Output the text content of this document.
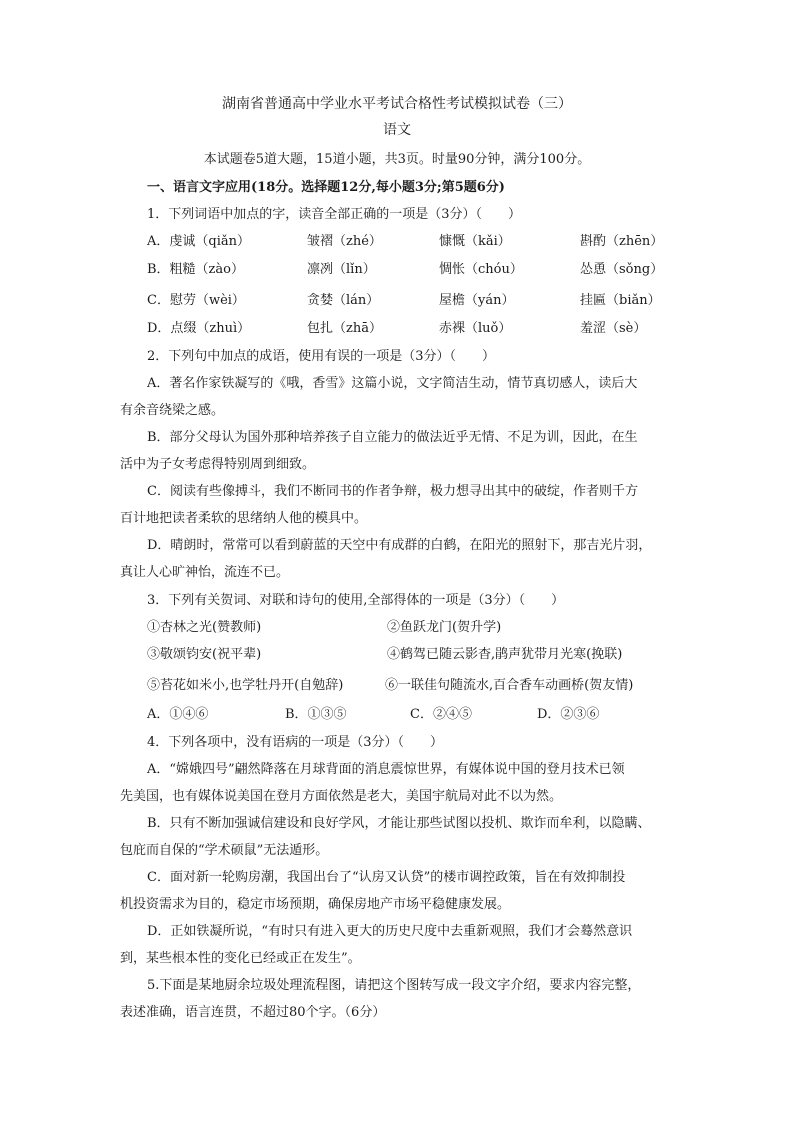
湖南省普通高中学业水平考试合格性考试模拟试卷（三）
语文
本试题卷5道大题，15道小题，共3页。时量90分钟，满分100分。
一、语言文字应用(18分。选择题12分,每小题3分;第5题6分)
1．下列词语中加点的字，读音全部正确的一项是（3分）（　　）
A．虔诚（qiǎn）	皱褶（zhé）	慷慨（kǎi）	斟酌（zhēn）
B．粗糙（zào）	凛冽（lǐn）	惆怅（chóu）	怂恿（sǒng）
C．慰劳（wèi）	贪婪（lán）	屋檐（yán）	挂匾（biǎn）
D．点缀（zhuì）	包扎（zhā）	赤裸（luǒ）	羞涩（sè）
2．下列句中加点的成语，使用有误的一项是（3分）（　　）
A．著名作家铁凝写的《哦，香雪》这篇小说，文字简洁生动，情节真切感人，读后大
有余音绕梁之感。
B．部分父母认为国外那种培养孩子自立能力的做法近乎无情、不足为训，因此，在生
活中为子女考虑得特别周到细致。
C．阅读有些像搏斗，我们不断同书的作者争辩，极力想寻出其中的破绽，作者则千方
百计地把读者柔软的思绪纳人他的模具中。
D．晴朗时，常常可以看到蔚蓝的天空中有成群的白鹤，在阳光的照射下，那吉光片羽，
真让人心旷神怡，流连不已。
3．下列有关贺词、对联和诗句的使用,全部得体的一项是（3分）（　　）
①杏林之光(赞教师)	②鱼跃龙门(贺升学)
③敬颂钧安(祝平辈)	④鹤驾已随云影杳,鹃声犹带月光寒(挽联)
⑤苔花如米小,也学牡丹开(自勉辞)	⑥一联佳句随流水,百合香车动画桥(贺友情)
A．①④⑥	B．①③⑤	C．②④⑤	D．②③⑥
4．下列各项中，没有语病的一项是（3分）（　　）
A．“嫦娥四号”翩然降落在月球背面的消息震惊世界，有媒体说中国的登月技术已领
先美国，也有媒体说美国在登月方面依然是老大，美国宇航局对此不以为然。
B．只有不断加强诚信建设和良好学风，才能让那些试图以投机、欺诈而牟利，以隐瞒、
包庇而自保的“学术硕鼠”无法遁形。
C．面对新一轮购房潮，我国出台了“认房又认贷”的楼市调控政策，旨在有效抑制投
机投资需求为目的，稳定市场预期，确保房地产市场平稳健康发展。
D．正如铁凝所说，“有时只有进入更大的历史尺度中去重新观照，我们才会蓦然意识
到，某些根本性的变化已经或正在发生”。
5.下面是某地厨余垃圾处理流程图，请把这个图转写成一段文字介绍，要求内容完整，
表述准确，语言连贯，不超过80个字。（6分）
